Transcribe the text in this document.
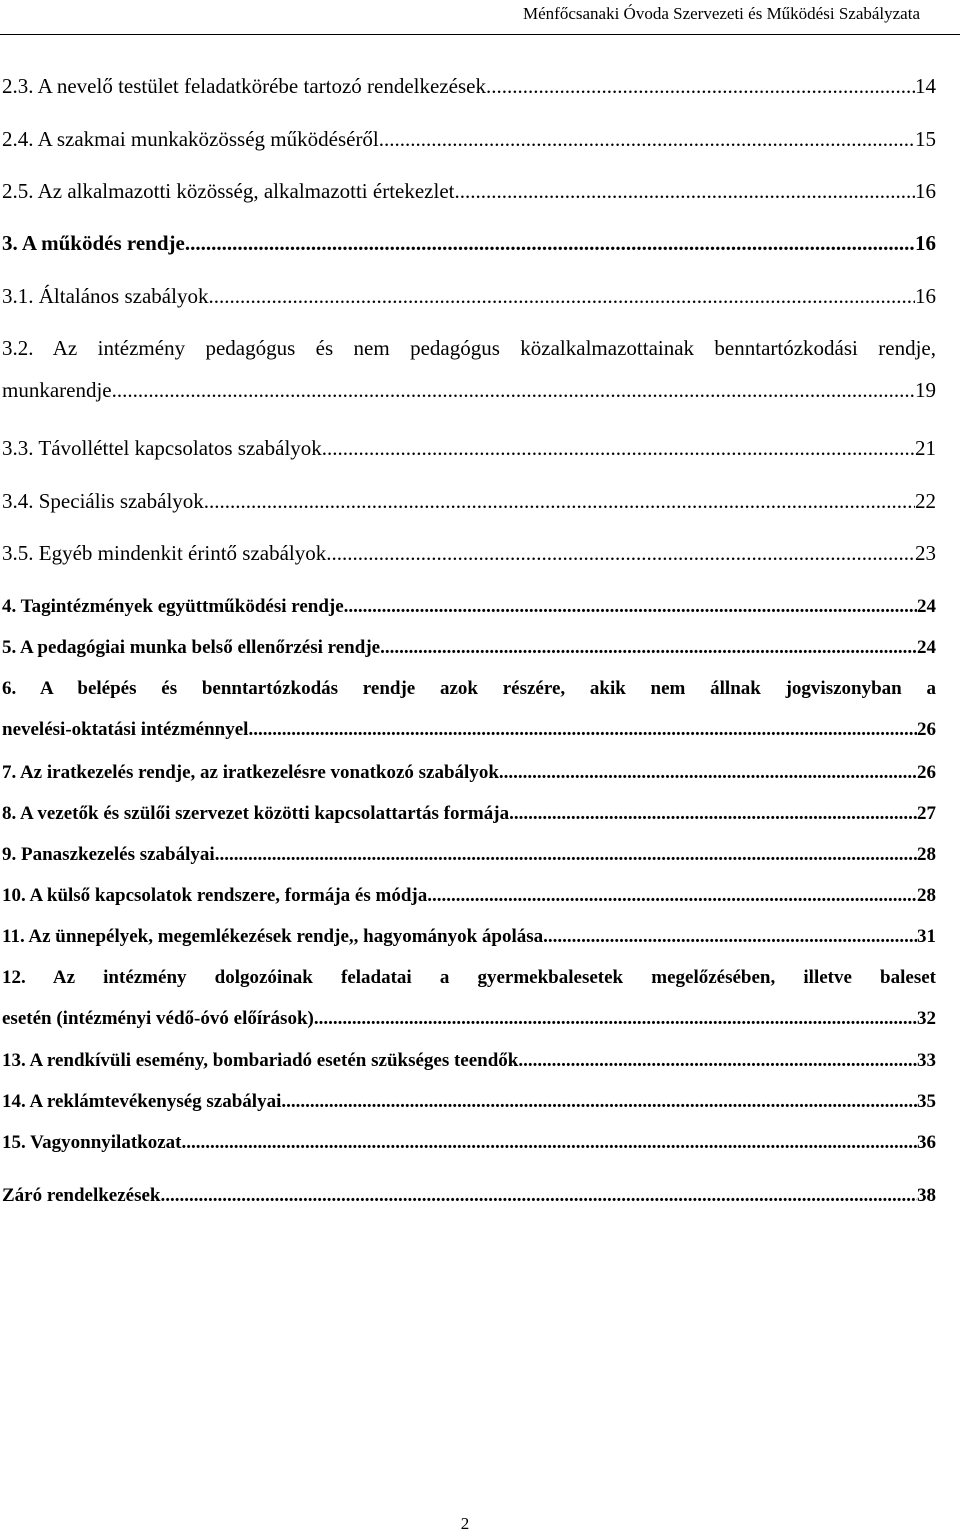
Ménfőcsanaki Óvoda Szervezeti és Működési Szabályzata
2.3. A nevelő testület feladatkörébe tartozó rendelkezések .....	14
2.4. A szakmai munkaközösség működéséről .....	15
2.5. Az alkalmazotti közösség, alkalmazotti értekezlet .....	16
3. A működés rendje .....	16
3.1. Általános szabályok .....	16
3.2. Az intézmény pedagógus és nem pedagógus közalkalmazottainak benntartózkodási rendje,
munkarendje .....	19
3.3. Távolléttel kapcsolatos szabályok .....	21
3.4. Speciális szabályok .....	22
3.5. Egyéb mindenkit érintő szabályok .....	23
4. Tagintézmények együttműködési rendje .....	24
5. A pedagógiai munka belső ellenőrzési rendje .....	24
6. A belépés és benntartózkodás rendje azok részére, akik nem állnak jogviszonyban a
nevelési-oktatási intézménnyel .....	26
7. Az iratkezelés rendje, az iratkezelésre vonatkozó szabályok .....	26
8. A vezetők és szülői szervezet közötti kapcsolattartás formája .....	27
9. Panaszkezelés szabályai .....	28
10. A külső kapcsolatok rendszere, formája és módja .....	28
11. Az ünnepélyek, megemlékezések rendje,, hagyományok ápolása .....	31
12. Az intézmény dolgozóinak feladatai a gyermekbalesetek megelőzésében, illetve baleset
esetén (intézményi védő-óvó előírások) .....	32
13. A rendkívüli esemény, bombariadó esetén szükséges teendők .....	33
14. A reklámtevékenység szabályai .....	35
15. Vagyonnyilatkozat .....	36
Záró rendelkezések .....	38
2
